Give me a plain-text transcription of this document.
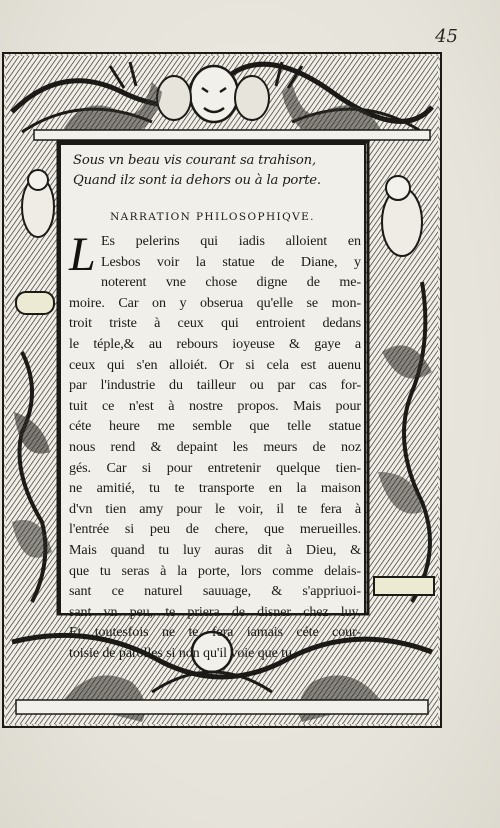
45
Sous vn beau vis courant sa trahison,
Quand ilz sont ia dehors ou à la porte.
NARRATION PHILOSOPHIQVE.
L Es pelerins qui iadis alloient en
Lesbos voir la statue de Diane, y
noterent vne chose digne de me-
moire. Car on y obserua qu'elle se mon-
troit triste à ceux qui entroient dedans
le téple,& au rebours ioyeuse & gaye a
ceux qui s'en alloiét. Or si cela est auenu
par l'industrie du tailleur ou par cas for-
tuit ce n'est à nostre propos. Mais pour
céte heure me semble que telle statue
nous rend & depaint les meurs de noz
gés. Car si pour entretenir quelque tien-
ne amitié, tu te transporte en la maison
d'vn tien amy pour le voir, il te fera à
l'entrée si peu de chere, que merueilles.
Mais quand tu luy auras dit à Dieu, &
que tu seras à la porte, lors comme delais-
sant ce naturel sauuage, & s'appriuoi-
sant vn peu, te priera de disner chez luy.
Et toutesfois ne te fera iamais céte cour-
toisie de parolles si non qu'il voie que tu
